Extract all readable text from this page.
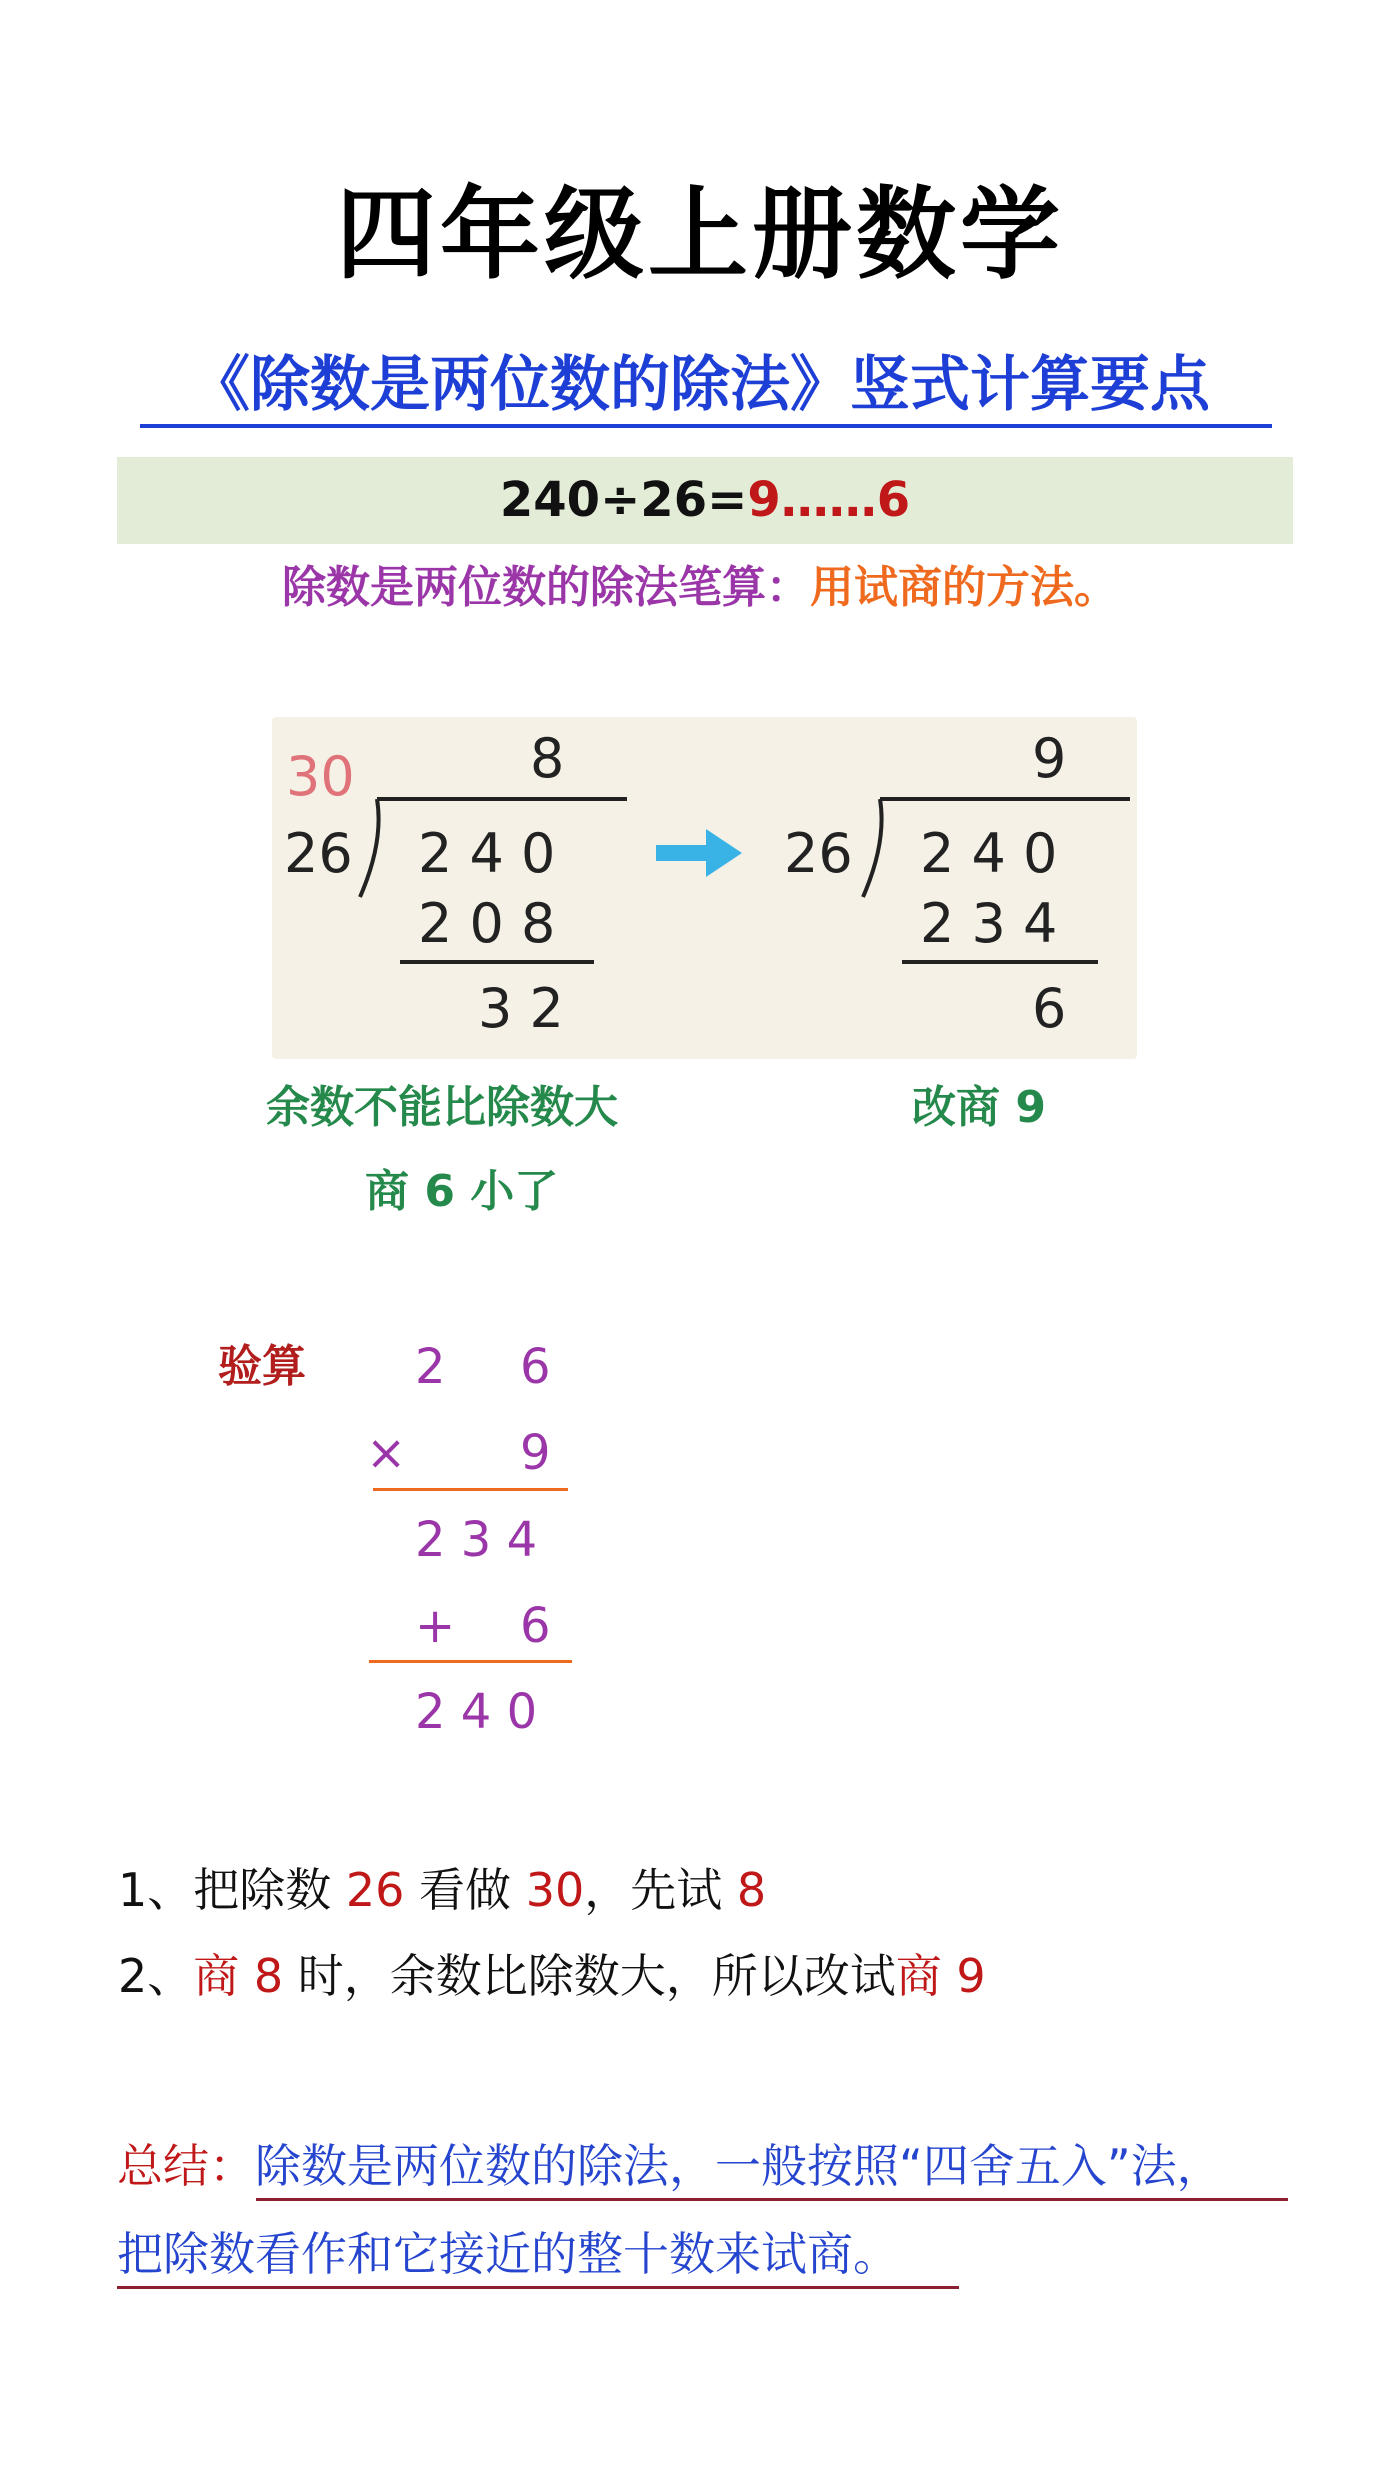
四年级上册数学
《除数是两位数的除法》竖式计算要点
240÷26=9……6
除数是两位数的除法笔算：用试商的方法。
30	8
26 2 4 0
2 0 8
3 2
9
26 2 4 0
2 3 4
6
余数不能比除数大
商 6 小了
改商 9
验算 2 6
× 9
2 3 4
+ 6
2 4 0
1、把除数 26 看做 30，先试 8
2、商 8 时，余数比除数大，所以改试商 9
总结：除数是两位数的除法，一般按照“四舍五入”法，
把除数看作和它接近的整十数来试商。
